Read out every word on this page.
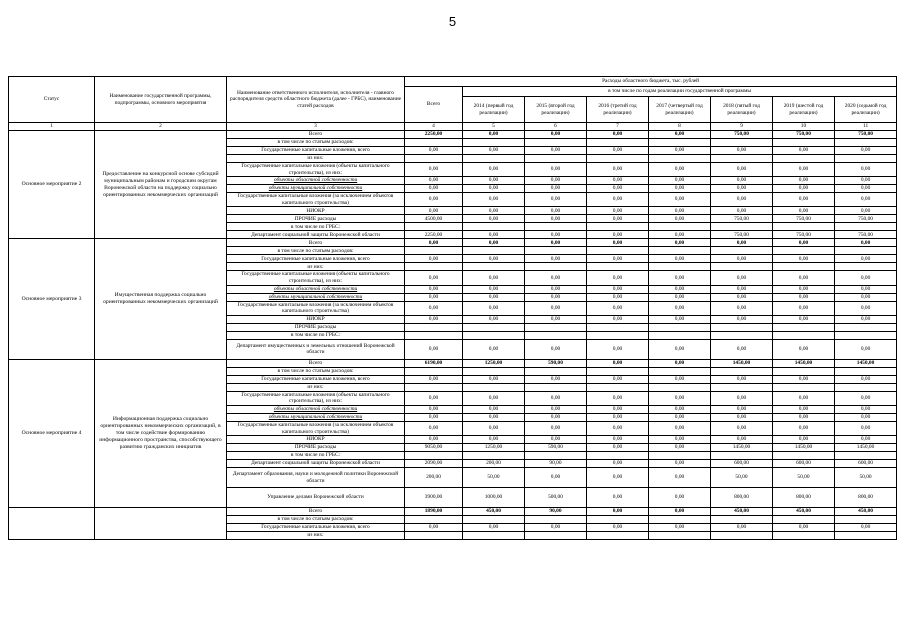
5
Статус	Наименование государственной программы, подпрограммы, основного мероприятия	Наименование ответственного исполнителя, исполнителя - главного распорядителя средств областного бюджета (далее - ГРБС), наименование статей расходов	Расходы областного бюджета, тыс. рублей							
			Всего	в том числе по годам реализации государственной программы						
				2014 (первый год реализации)	2015 (второй год реализации)	2016 (третий год реализации)	2017 (четвертый год реализации)	2018 (пятый год реализации)	2019 (шестой год реализации)	2020 (седьмой год реализации)
1	2	3	4	5	6	7	8	9	10	11
Основное мероприятие 2	Предоставление на конкурсной основе субсидий муниципальным районам и городским округам Воронежской области на поддержку социально ориентированных некоммерческих организаций	Всего	2250,00	0,00	0,00	0,00	0,00	750,00	750,00	750,00
		в том числе по статьям расходов:								
		Государственные капитальные вложения, всего	0,00	0,00	0,00	0,00	0,00	0,00	0,00	0,00
		из них:								
		Государственные капитальные вложения (объекты капитального строительства), из них:	0,00	0,00	0,00	0,00	0,00	0,00	0,00	0,00
		объекты областной собственности	0,00	0,00	0,00	0,00	0,00	0,00	0,00	0,00
		объекты муниципальной собственности	0,00	0,00	0,00	0,00	0,00	0,00	0,00	0,00
		Государственные капитальные вложения (за исключением объектов капитального строительства)	0,00	0,00	0,00	0,00	0,00	0,00	0,00	0,00
		НИОКР	0,00	0,00	0,00	0,00	0,00	0,00	0,00	0,00
		ПРОЧИЕ расходы	4500,00	0,00	0,00	0,00	0,00	750,00	750,00	750,00
		в том числе по ГРБС:								
		Департамент социальной защиты Воронежской области	2250,00	0,00	0,00	0,00	0,00	750,00	750,00	750,00
Основное мероприятие 3	Имущественная поддержка социально ориентированных некоммерческих организаций	Всего	0,00	0,00	0,00	0,00	0,00	0,00	0,00	0,00
		в том числе по статьям расходов:								
		Государственные капитальные вложения, всего	0,00	0,00	0,00	0,00	0,00	0,00	0,00	0,00
		из них:								
		Государственные капитальные вложения (объекты капитального строительства), из них:	0,00	0,00	0,00	0,00	0,00	0,00	0,00	0,00
		объекты областной собственности	0,00	0,00	0,00	0,00	0,00	0,00	0,00	0,00
		объекты муниципальной собственности	0,00	0,00	0,00	0,00	0,00	0,00	0,00	0,00
		Государственные капитальные вложения (за исключением объектов капитального строительства)	0,00	0,00	0,00	0,00	0,00	0,00	0,00	0,00
		НИОКР	0,00	0,00	0,00	0,00	0,00	0,00	0,00	0,00
		ПРОЧИЕ расходы								
		в том числе по ГРБС:								
		Департамент имущественных и земельных отношений Воронежской области	0,00	0,00	0,00	0,00	0,00	0,00	0,00	0,00
Основное мероприятие 4	Информационная поддержка социально ориентированных некоммерческих организаций, в том числе содействие формированию информационного пространства, способствующего развитию гражданских инициатив	Всего	6190,00	1250,00	590,00	0,00	0,00	1450,00	1450,00	1450,00
		в том числе по статьям расходов:								
		Государственные капитальные вложения, всего	0,00	0,00	0,00	0,00	0,00	0,00	0,00	0,00
		из них:								
		Государственные капитальные вложения (объекты капитального строительства), из них:	0,00	0,00	0,00	0,00	0,00	0,00	0,00	0,00
		объекты областной собственности	0,00	0,00	0,00	0,00	0,00	0,00	0,00	0,00
		объекты муниципальной собственности	0,00	0,00	0,00	0,00	0,00	0,00	0,00	0,00
		Государственные капитальные вложения (за исключением объектов капитального строительства)	0,00	0,00	0,00	0,00	0,00	0,00	0,00	0,00
		НИОКР	0,00	0,00	0,00	0,00	0,00	0,00	0,00	0,00
		ПРОЧИЕ расходы	9050,00	1250,00	590,00	0,00	0,00	1450,00	1450,00	1450,00
		в том числе по ГРБС:								
		Департамент социальной защиты Воронежской области	2090,00	200,00	90,00	0,00	0,00	600,00	600,00	600,00
		Департамент образования, науки и молодежной политики Воронежской области	200,00	50,00	0,00	0,00	0,00	50,00	50,00	50,00
		Управление делами Воронежской области	3900,00	1000,00	500,00	0,00	0,00	800,00	800,00	800,00
		Всего	1890,00	450,00	90,00	0,00	0,00	450,00	450,00	450,00
		в том числе по статьям расходов:								
		Государственные капитальные вложения, всего	0,00	0,00	0,00	0,00	0,00	0,00	0,00	0,00
		из них:								
